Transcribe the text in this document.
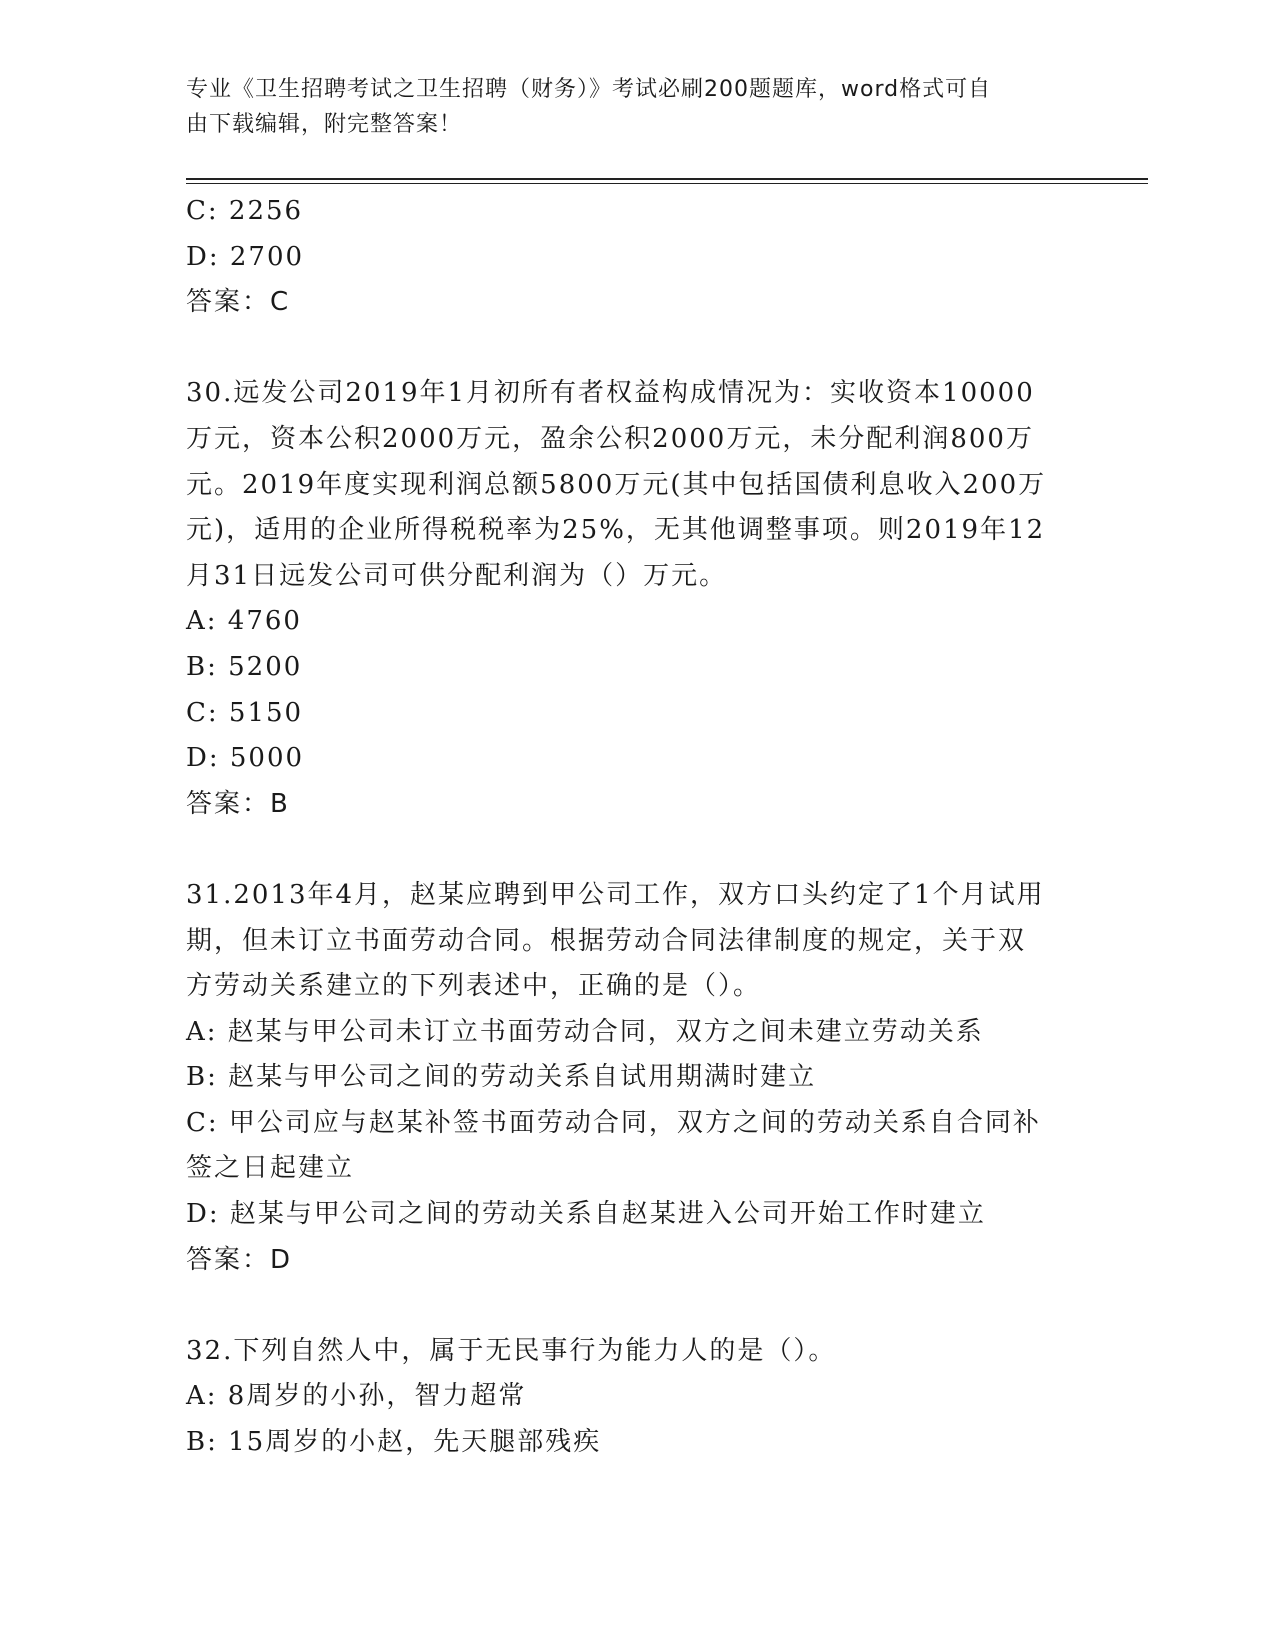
专业《卫生招聘考试之卫生招聘（财务）》考试必刷200题题库，word格式可自
由下载编辑，附完整答案！
C: 2256
D: 2700
答案：C
30.远发公司2019年1月初所有者权益构成情况为：实收资本10000
万元，资本公积2000万元，盈余公积2000万元，未分配利润800万
元。2019年度实现利润总额5800万元(其中包括国债利息收入200万
元)，适用的企业所得税税率为25%，无其他调整事项。则2019年12
月31日远发公司可供分配利润为（）万元。
A: 4760
B: 5200
C: 5150
D: 5000
答案：B
31.2013年4月，赵某应聘到甲公司工作，双方口头约定了1个月试用
期，但未订立书面劳动合同。根据劳动合同法律制度的规定，关于双
方劳动关系建立的下列表述中，正确的是（）。
A: 赵某与甲公司未订立书面劳动合同，双方之间未建立劳动关系
B: 赵某与甲公司之间的劳动关系自试用期满时建立
C: 甲公司应与赵某补签书面劳动合同，双方之间的劳动关系自合同补
签之日起建立
D: 赵某与甲公司之间的劳动关系自赵某进入公司开始工作时建立
答案：D
32.下列自然人中，属于无民事行为能力人的是（）。
A: 8周岁的小孙，智力超常
B: 15周岁的小赵，先天腿部残疾
